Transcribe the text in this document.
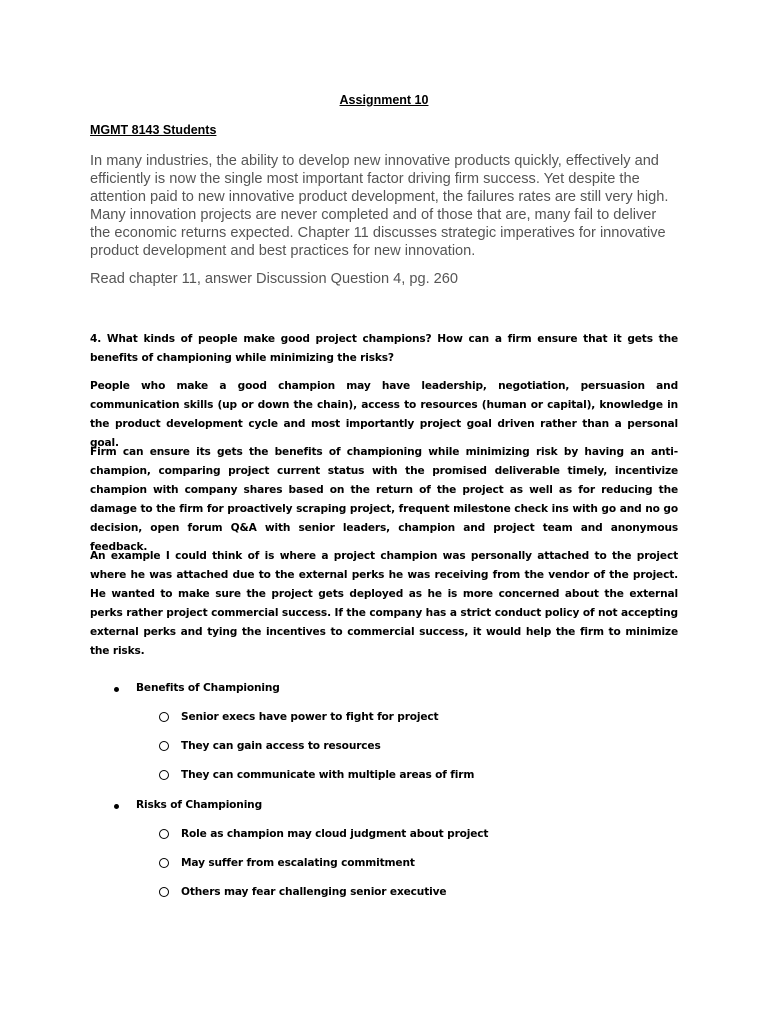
Assignment 10
MGMT 8143 Students

In many industries, the ability to develop new innovative products quickly, effectively and efficiently is now the single most important factor driving firm success. Yet despite the attention paid to new innovative product development, the failures rates are still very high. Many innovation projects are never completed and of those that are, many fail to deliver the economic returns expected. Chapter 11 discusses strategic imperatives for innovative product development and best practices for new innovation.

Read chapter 11, answer Discussion Question 4, pg. 260

4. What kinds of people make good project champions? How can a firm ensure that it gets the benefits of championing while minimizing the risks?

People who make a good champion may have leadership, negotiation, persuasion and communication skills (up or down the chain), access to resources (human or capital), knowledge in the product development cycle and most importantly project goal driven rather than a personal goal.

Firm can ensure its gets the benefits of championing while minimizing risk by having an anti-champion, comparing project current status with the promised deliverable timely, incentivize champion with company shares based on the return of the project as well as for reducing the damage to the firm for proactively scraping project, frequent milestone check ins with go and no go decision, open forum Q&A with senior leaders, champion and project team and anonymous feedback.

An example I could think of is where a project champion was personally attached to the project where he was attached due to the external perks he was receiving from the vendor of the project. He wanted to make sure the project gets deployed as he is more concerned about the external perks rather project commercial success. If the company has a strict conduct policy of not accepting external perks and tying the incentives to commercial success, it would help the firm to minimize the risks.

Benefits of Championing
Senior execs have power to fight for project
They can gain access to resources
They can communicate with multiple areas of firm
Risks of Championing
Role as champion may cloud judgment about project
May suffer from escalating commitment
Others may fear challenging senior executive
